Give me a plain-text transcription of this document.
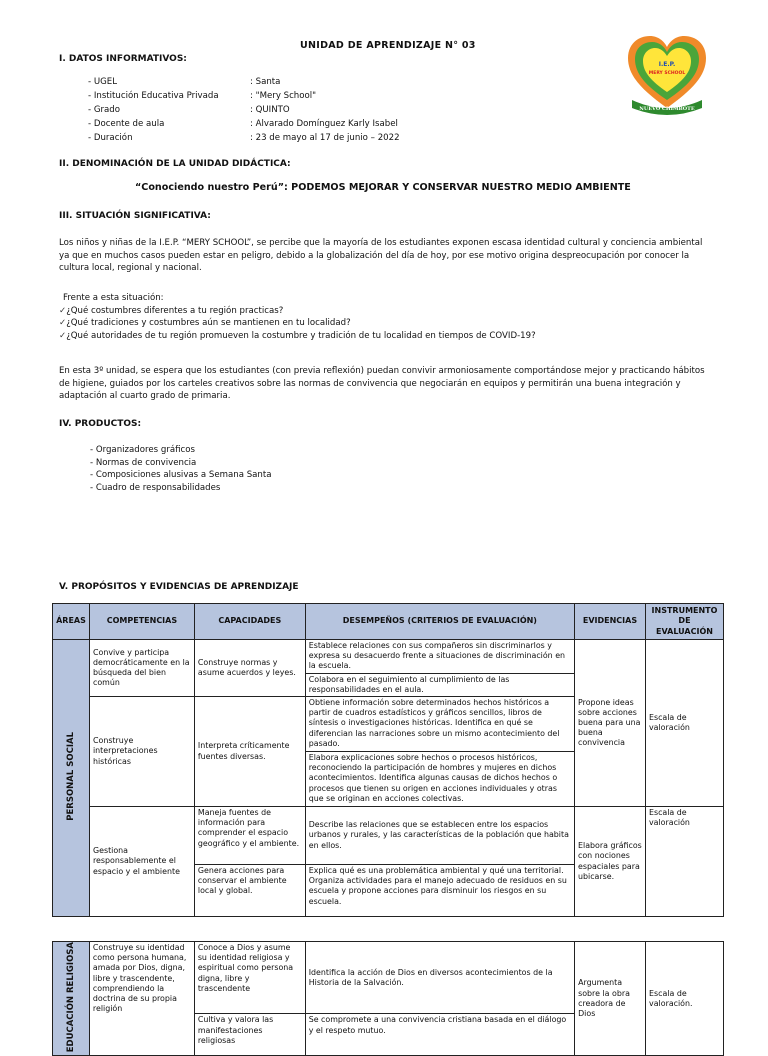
UNIDAD DE APRENDIZAJE N° 03
I.E.P.
MERY SCHOOL
NUEVO CHIMBOTE
I. DATOS INFORMATIVOS:
- UGEL	: Santa
- Institución Educativa Privada	: "Mery School"
- Grado	: QUINTO
- Docente de aula	: Alvarado Domínguez Karly Isabel
- Duración	: 23 de mayo al 17 de junio – 2022
II. DENOMINACIÓN DE LA UNIDAD DIDÁCTICA:
“Conociendo nuestro Perú”: PODEMOS MEJORAR Y CONSERVAR NUESTRO MEDIO AMBIENTE
III. SITUACIÓN SIGNIFICATIVA:
Los niños y niñas de la I.E.P. “MERY SCHOOL”, se percibe que la mayoría de los estudiantes exponen escasa identidad cultural y conciencia ambiental
ya que en muchos casos pueden estar en peligro, debido a la globalización del día de hoy, por ese motivo origina despreocupación por conocer la
cultura local, regional y nacional.
Frente a esta situación:
✓¿Qué costumbres diferentes a tu región practicas?
✓¿Qué tradiciones y costumbres aún se mantienen en tu localidad?
✓¿Qué autoridades de tu región promueven la costumbre y tradición de tu localidad en tiempos de COVID-19?
En esta 3º unidad, se espera que los estudiantes (con previa reflexión) puedan convivir armoniosamente comportándose mejor y practicando hábitos
de higiene, guiados por los carteles creativos sobre las normas de convivencia que negociarán en equipos y permitirán una buena integración y
adaptación al cuarto grado de primaria.
IV. PRODUCTOS:
- Organizadores gráficos
- Normas de convivencia
- Composiciones alusivas a Semana Santa
- Cuadro de responsabilidades
V. PROPÓSITOS Y EVIDENCIAS DE APRENDIZAJE
ÁREAS	COMPETENCIAS	CAPACIDADES	DESEMPEÑOS (CRITERIOS DE EVALUACIÓN)	EVIDENCIAS	INSTRUMENTO DE EVALUACIÓN
PERSONAL SOCIAL	Convive y participa democráticamente en la búsqueda del bien común	Construye normas y asume acuerdos y leyes.	Establece relaciones con sus compañeros sin discriminarlos y expresa su desacuerdo frente a situaciones de discriminación en la escuela.	Propone ideas sobre acciones buena para una buena convivencia	Escala de valoración
			Colabora en el seguimiento al cumplimiento de las responsabilidades en el aula.		
	Construye interpretaciones históricas	Interpreta críticamente fuentes diversas.	Obtiene información sobre determinados hechos históricos a partir de cuadros estadísticos y gráficos sencillos, libros de síntesis o investigaciones históricas. Identifica en qué se diferencian las narraciones sobre un mismo acontecimiento del pasado.		
			Elabora explicaciones sobre hechos o procesos históricos, reconociendo la participación de hombres y mujeres en dichos acontecimientos. Identifica algunas causas de dichos hechos o procesos que tienen su origen en acciones individuales y otras que se originan en acciones colectivas.		
	Gestiona responsablemente el espacio y el ambiente	Maneja fuentes de información para comprender el espacio geográfico y el ambiente.	Describe las relaciones que se establecen entre los espacios urbanos y rurales, y las características de la población que habita en ellos.	Elabora gráficos con nociones espaciales para ubicarse.	Escala de valoración
		Genera acciones para conservar el ambiente local y global.	Explica qué es una problemática ambiental y qué una territorial. Organiza actividades para el manejo adecuado de residuos en su escuela y propone acciones para disminuir los riesgos en su escuela.		
EDUCACIÓN RELIGIOSA	Construye su identidad como persona humana, amada por Dios, digna, libre y trascendente, comprendiendo la doctrina de su propia religión	Conoce a Dios y asume su identidad religiosa y espiritual como persona digna, libre y trascendente	Identifica la acción de Dios en diversos acontecimientos de la Historia de la Salvación.	Argumenta sobre la obra creadora de Dios	Escala de valoración.
		Cultiva y valora las manifestaciones religiosas	Se compromete a una convivencia cristiana basada en el diálogo y el respeto mutuo.		
